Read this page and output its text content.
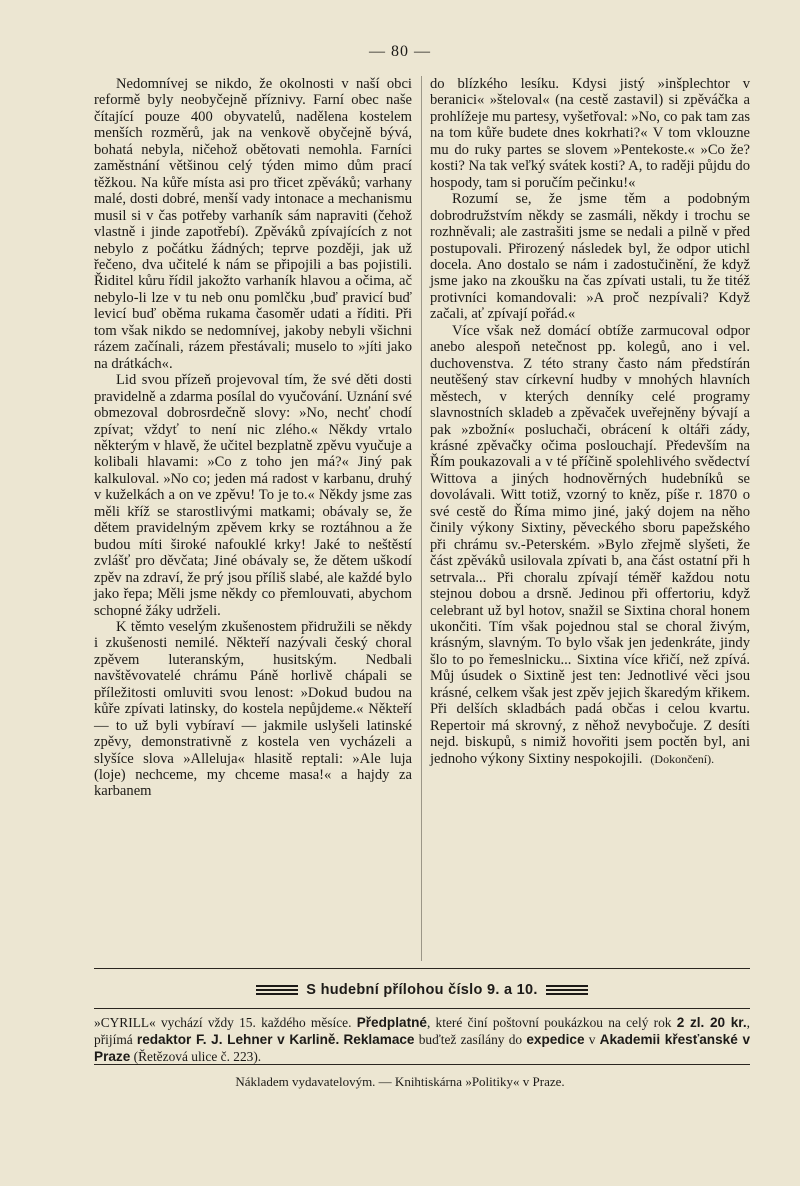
— 80 —

Nedomnívej se nikdo, že okolnosti v naší obci reformě byly neobyčejně příznivy. Farní obec naše čítající pouze 400 obyvatelů, nadělena kostelem menších rozměrů, jak na venkově obyčejně bývá, bohatá nebyla, ničehož obětovati nemohla. Farníci zaměstnání většinou celý týden mimo dům prací těžkou. Na kůře místa asi pro třicet zpěváků; varhany malé, dosti dobré, menší vady intonace a mechanismu musil si v čas potřeby varhaník sám napraviti (čehož vlastně i jinde zapotřebí). Zpěváků zpívajících z not nebylo z počátku žádných; teprve později, jak už řečeno, dva učitelé k nám se připojili a bas pojistili. Řiditel kůru řídil jakožto varhaník hlavou a očima, ač nebylo-li lze v tu neb onu pomlčku ,buď pravicí buď levicí buď oběma rukama časoměr udati a říditi. Při tom však nikdo se nedomnívej, jakoby nebyli všichni rázem začínali, rázem přestávali; muselo to »jíti jako na drátkách«.

Lid svou přízeň projevoval tím, že své děti dosti pravidelně a zdarma posílal do vyučování. Uznání své obmezoval dobrosrdečně slovy: »No, nechť chodí zpívat; vždyť to není nic zlého.« Někdy vrtalo některým v hlavě, že učitel bezplatně zpěvu vyučuje a kolibali hlavami: »Co z toho jen má?« Jiný pak kalkuloval. »No co; jeden má radost v karbanu, druhý v kuželkách a on ve zpěvu! To je to.« Někdy jsme zas měli kříž se starostlivými matkami; obávaly se, že dětem pravidelným zpěvem krky se roztáhnou a že budou míti široké nafouklé krky! Jaké to neštěstí zvlášť pro děvčata; Jiné obávaly se, že dětem uškodí zpěv na zdraví, že prý jsou příliš slabé, ale každé bylo jako řepa; Měli jsme někdy co přemlouvati, abychom schopné žáky udrželi.

K těmto veselým zkušenostem přidružili se někdy i zkušenosti nemilé. Někteří nazývali český choral zpěvem luteranským, husitským. Nedbali navštěvovatelé chrámu Páně horlivě chápali se příležitosti omluviti svou lenost: »Dokud budou na kůře zpívati latinsky, do kostela nepůjdeme.« Někteří — to už byli vybíraví — jakmile uslyšeli latinské zpěvy, demonstrativně z kostela ven vycházeli a slyšíce slova »Alleluja« hlasitě reptali: »Ale luja (loje) nechceme, my chceme masa!« a hajdy za karbanem

do blízkého lesíku. Kdysi jistý »inšplechtor v beranici« »šteloval« (na cestě zastavil) si zpěváčka a prohlížeje mu partesy, vyšetřoval: »No, co pak tam zas na tom kůře budete dnes kokrhati?« V tom vklouzne mu do ruky partes se slovem »Pentekoste.« »Co že? kosti? Na tak veľký svátek kosti? A, to raději půjdu do hospody, tam si poručím pečinku!«

Rozumí se, že jsme těm a podobným dobrodružstvím někdy se zasmáli, někdy i trochu se rozhněvali; ale zastrašiti jsme se nedali a pilně v před postupovali. Přirozený následek byl, že odpor utichl docela. Ano dostalo se nám i zadostučinění, že když jsme jako na zkoušku na čas zpívati ustali, tu že titéž protivníci komandovali: »A proč nezpívali? Když začali, ať zpívají pořád.«

Více však než domácí obtíže zarmucoval odpor anebo alespoň netečnost pp. kolegů, ano i vel. duchovenstva. Z této strany často nám předstírán neutěšený stav církevní hudby v mnohých hlavních městech, v kterých denníky celé programy slavnostních skladeb a zpěvaček uveřejněny bývají a pak »zbožní« posluchači, obrácení k oltáři zády, krásné zpěvačky očima poslouchají. Především na Řím poukazovali a v té příčině spolehlivého svědectví Wittova a jiných hodnověrných hudebníků se dovolávali. Witt totiž, vzorný to kněz, píše r. 1870 o své cestě do Říma mimo jiné, jaký dojem na něho činily výkony Sixtiny, pěveckého sboru papežského při chrámu sv.-Peterském. »Bylo zřejmě slyšeti, že část zpěváků usilovala zpívati b, ana část ostatní při h setrvala... Při choralu zpívají téměř každou notu stejnou dobou a drsně. Jedinou při offertoriu, když celebrant už byl hotov, snažil se Sixtina choral honem ukončiti. Tím však pojednou stal se choral živým, krásným, slavným. To bylo však jen jedenkráte, jindy šlo to po řemeslnicku... Sixtina více křičí, než zpívá. Můj úsudek o Sixtině jest ten: Jednotlivé věci jsou krásné, celkem však jest zpěv jejich škaredým křikem. Při delších skladbách padá občas i celou kvartu. Repertoir má skrovný, z něhož nevybočuje. Z desíti nejd. biskupů, s nimiž hovořiti jsem poctěn byl, ani jednoho výkony Sixtiny nespokojili. (Dokončení).

S hudební přílohou číslo 9. a 10.
»CYRILL« vychází vždy 15. každého měsíce. Předplatné, které činí poštovní poukázkou na celý rok 2 zl. 20 kr., přijímá redaktor F. J. Lehner v Karlině. Reklamace buďtež zasílány do expedice v Akademii křesťanské v Praze (Řetězová ulice č. 223).
Nákladem vydavatelovým. — Knihtiskárna »Politiky« v Praze.
